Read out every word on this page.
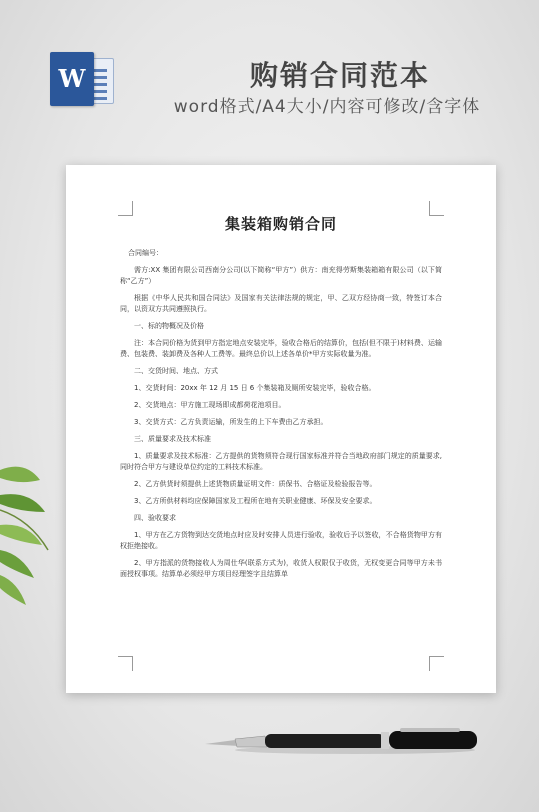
W	购销合同范本
word格式/A4大小/内容可修改/含字体
集装箱购销合同

合同编号：

需方:XX 集团有限公司西南分公司(以下简称“甲方”）供方：南充得劳斯集装箱箱有限公司（以下简称“乙方”）

根据《中华人民共和国合同法》及国家有关法律法规的规定，甲、乙双方经协商一致，特签订本合同，以资双方共同遵照执行。

一、标的物概况及价格

注：本合同价格为货到甲方指定地点安装完毕，验收合格后的结算价，包括(但不限于)材料费、运输费、包装费、装卸费及各种人工费等。最终总价以上述各单价*甲方实际收量为准。

二、交货时间、地点、方式

1、交货时间：20xx 年 12 月 15 日 6 个集装箱及厕所安装完毕，验收合格。

2、交货地点：甲方施工现场即成都荷花池项目。

3、交货方式：乙方负责运输，所发生的上下车费由乙方承担。

三、质量要求及技术标准

1、质量要求及技术标准：乙方提供的货物须符合现行国家标准并符合当地政府部门规定的质量要求,同时符合甲方与建设单位约定的工料技术标准。

2、乙方供货时须提供上述货物质量证明文件：质保书、合格证及检验报告等。

3、乙方所供材料均应保障国家及工程所在地有关职业健康、环保及安全要求。

四、验收要求

1、甲方在乙方货物到达交货地点时应及时安排人员进行验收，验收后予以签收，不合格货物甲方有权拒绝接收。

2、甲方指派的货物接收人为周仕华(联系方式为)，收货人权限仅于收货，无权变更合同等甲方未书面授权事项。结算单必须经甲方项目经理签字且结算单
